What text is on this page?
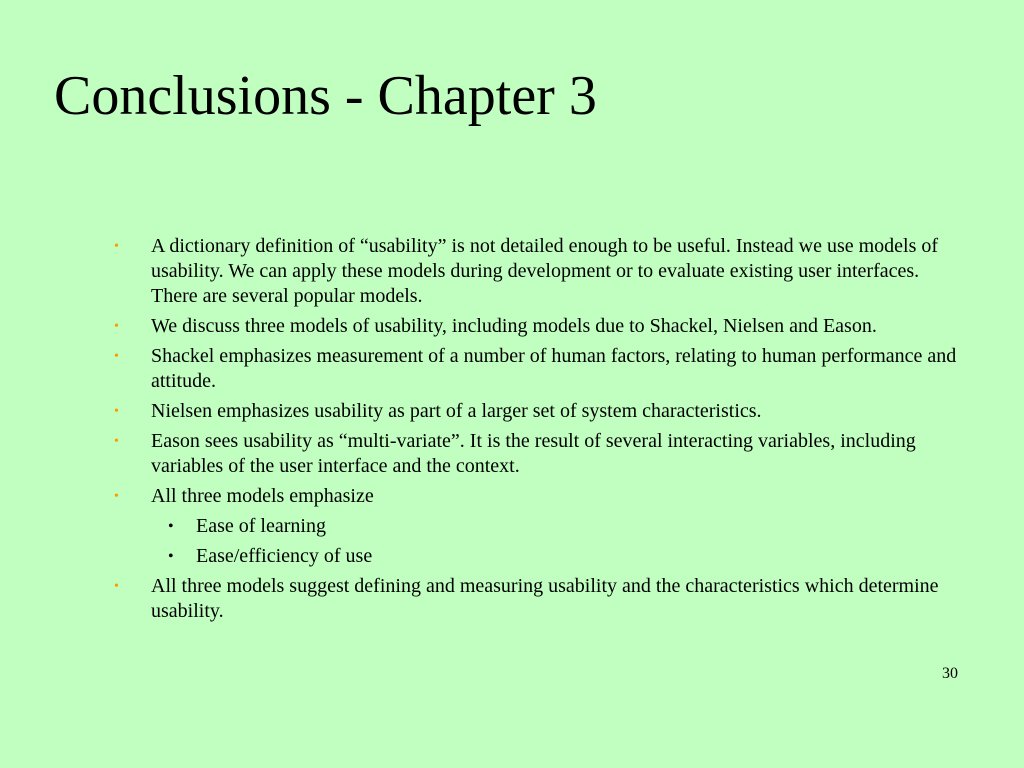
Conclusions - Chapter 3
• A dictionary definition of “usability” is not detailed enough to be useful. Instead we use models of usability. We can apply these models during development or to evaluate existing user interfaces. There are several popular models.
• We discuss three models of usability, including models due to Shackel, Nielsen and Eason.
• Shackel emphasizes measurement of a number of human factors, relating to human performance and attitude.
• Nielsen emphasizes usability as part of a larger set of system characteristics.
• Eason sees usability as “multi-variate”. It is the result of several interacting variables, including variables of the user interface and the context.
• All three models emphasize
• Ease of learning
• Ease/efficiency of use
• All three models suggest defining and measuring usability and the characteristics which determine usability.
30
